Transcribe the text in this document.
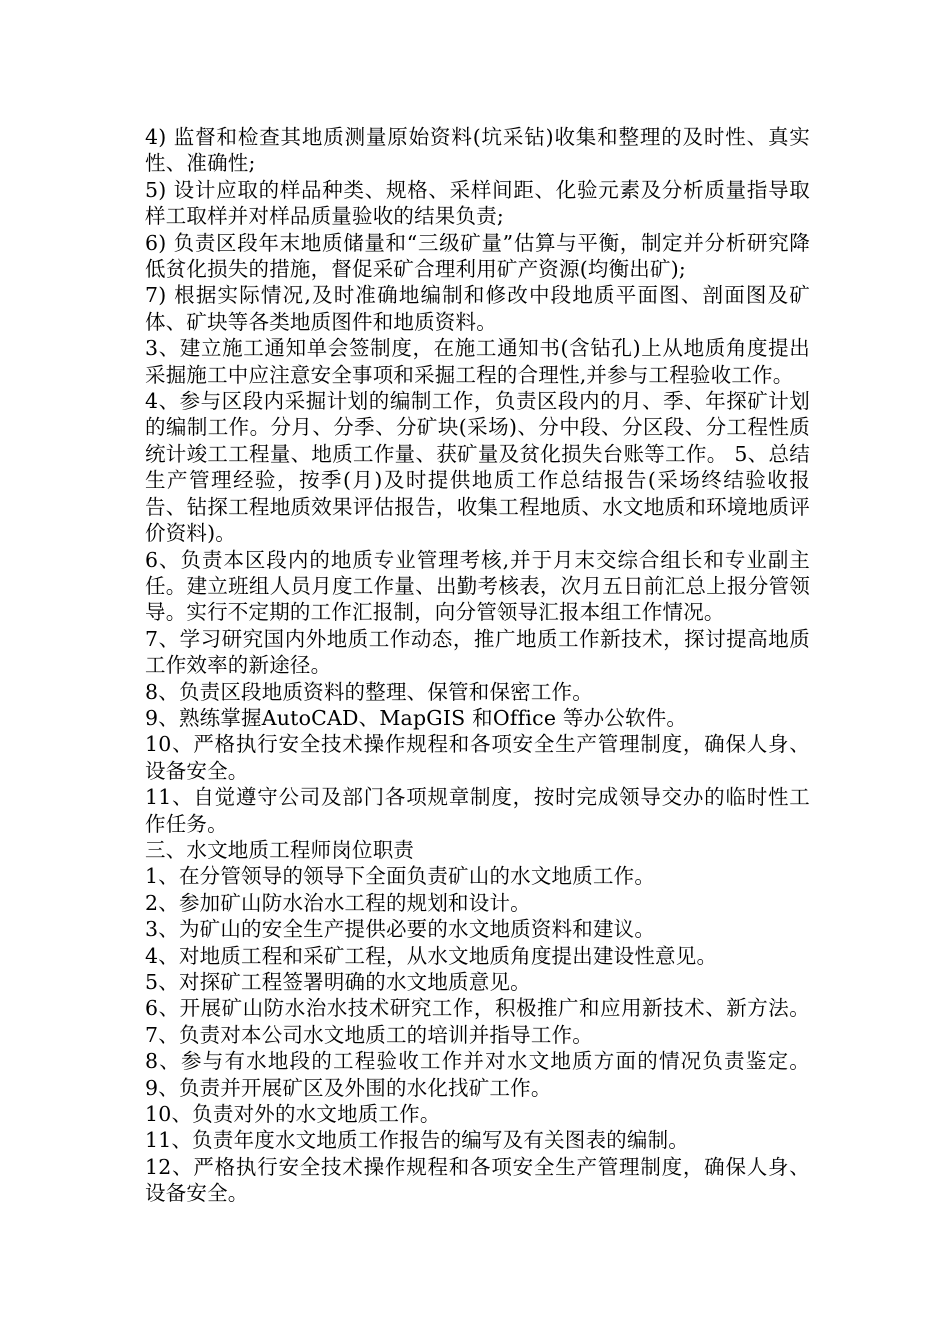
4) 监督和检查其地质测量原始资料(坑采钻)收集和整理的及时性、真实性、准确性;

5) 设计应取的样品种类、规格、采样间距、化验元素及分析质量指导取样工取样并对样品质量验收的结果负责;

6) 负责区段年末地质储量和“三级矿量”估算与平衡，制定并分析研究降低贫化损失的措施，督促采矿合理利用矿产资源(均衡出矿);

7) 根据实际情况,及时准确地编制和修改中段地质平面图、剖面图及矿体、矿块等各类地质图件和地质资料。

3、建立施工通知单会签制度，在施工通知书(含钻孔)上从地质角度提出采掘施工中应注意安全事项和采掘工程的合理性,并参与工程验收工作。

4、参与区段内采掘计划的编制工作，负责区段内的月、季、年探矿计划的编制工作。分月、分季、分矿块(采场)、分中段、分区段、分工程性质统计竣工工程量、地质工作量、获矿量及贫化损失台账等工作。 5、总结生产管理经验，按季(月)及时提供地质工作总结报告(采场终结验收报告、钻探工程地质效果评估报告，收集工程地质、水文地质和环境地质评价资料)。

6、负责本区段内的地质专业管理考核,并于月末交综合组长和专业副主任。建立班组人员月度工作量、出勤考核表，次月五日前汇总上报分管领导。实行不定期的工作汇报制，向分管领导汇报本组工作情况。

7、学习研究国内外地质工作动态，推广地质工作新技术，探讨提高地质工作效率的新途径。

8、负责区段地质资料的整理、保管和保密工作。

9、熟练掌握AutoCAD、MapGIS 和Office 等办公软件。

10、严格执行安全技术操作规程和各项安全生产管理制度，确保人身、设备安全。

11、自觉遵守公司及部门各项规章制度，按时完成领导交办的临时性工作任务。

三、水文地质工程师岗位职责

1、在分管领导的领导下全面负责矿山的水文地质工作。

2、参加矿山防水治水工程的规划和设计。

3、为矿山的安全生产提供必要的水文地质资料和建议。

4、对地质工程和采矿工程，从水文地质角度提出建设性意见。

5、对探矿工程签署明确的水文地质意见。

6、开展矿山防水治水技术研究工作，积极推广和应用新技术、新方法。 7、负责对本公司水文地质工的培训并指导工作。

8、参与有水地段的工程验收工作并对水文地质方面的情况负责鉴定。 9、负责并开展矿区及外围的水化找矿工作。

10、负责对外的水文地质工作。

11、负责年度水文地质工作报告的编写及有关图表的编制。

12、严格执行安全技术操作规程和各项安全生产管理制度，确保人身、设备安全。
